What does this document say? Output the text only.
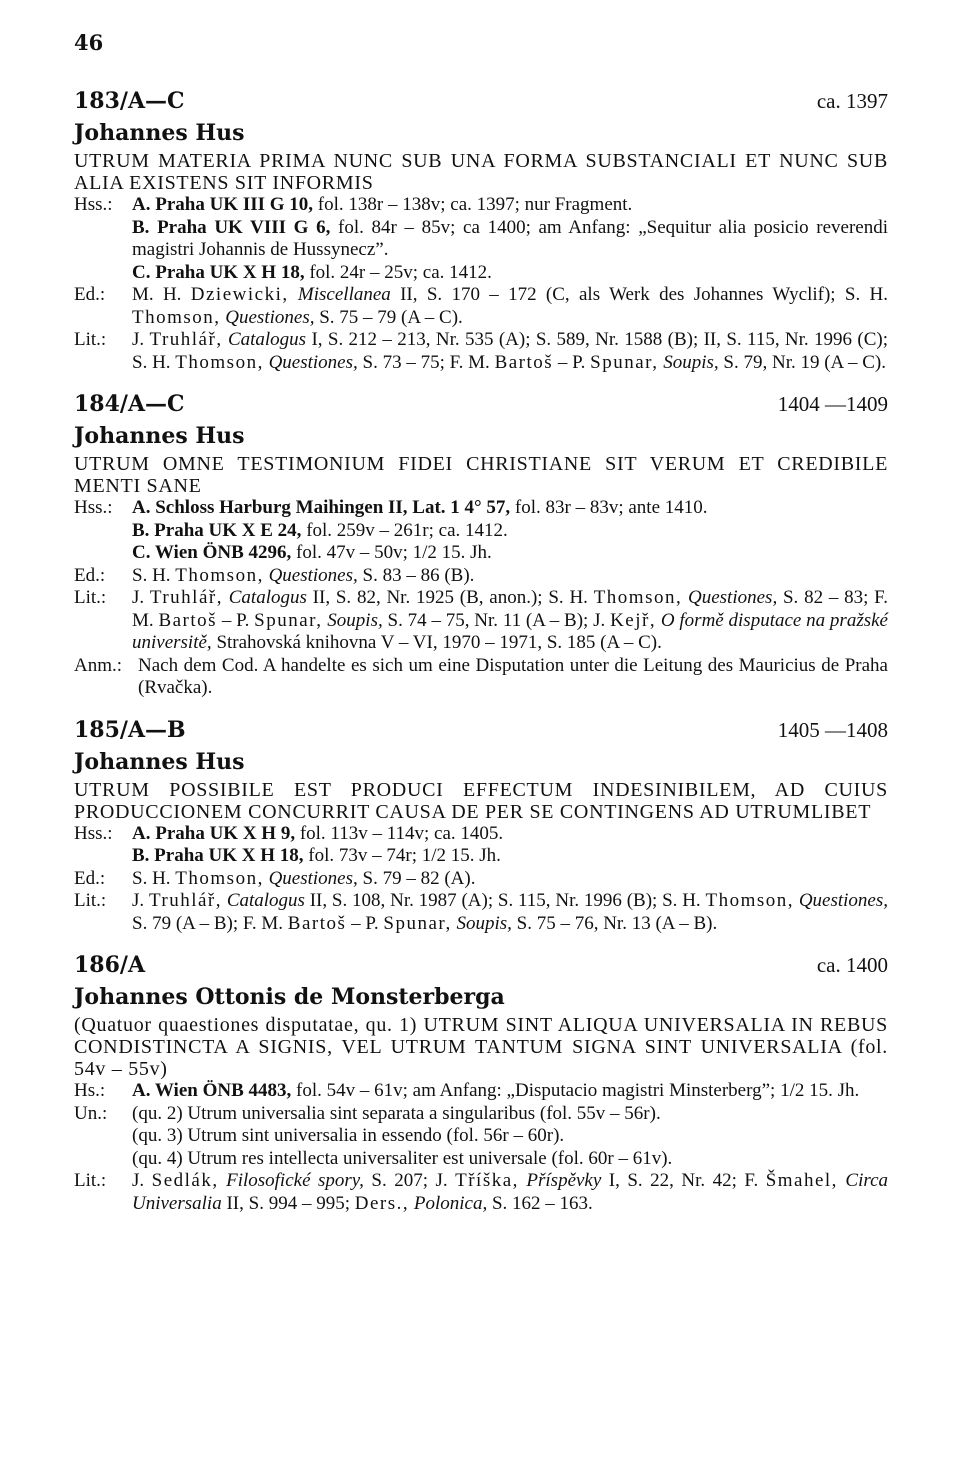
46
183/A—C	ca. 1397
Johannes Hus
UTRUM MATERIA PRIMA NUNC SUB UNA FORMA SUBSTANCIALI ET NUNC SUB ALIA EXISTENS SIT INFORMIS
Hss.:	A. Praha UK III G 10, fol. 138r – 138v; ca. 1397; nur Fragment.
B. Praha UK VIII G 6, fol. 84r – 85v; ca 1400; am Anfang: „Sequitur alia posicio reverendi magistri Johannis de Hussynecz”.
C. Praha UK X H 18, fol. 24r – 25v; ca. 1412.
Ed.:	M. H. Dziewicki, Miscellanea II, S. 170 – 172 (C, als Werk des Johannes Wyclif); S. H. Thomson, Questiones, S. 75 – 79 (A – C).
Lit.:	J. Truhlář, Catalogus I, S. 212 – 213, Nr. 535 (A); S. 589, Nr. 1588 (B); II, S. 115, Nr. 1996 (C); S. H. Thomson, Questiones, S. 73 – 75; F. M. Bartoš – P. Spunar, Soupis, S. 79, Nr. 19 (A – C).
184/A—C	1404 —1409
Johannes Hus
UTRUM OMNE TESTIMONIUM FIDEI CHRISTIANE SIT VERUM ET CREDIBILE MENTI SANE
Hss.:	A. Schloss Harburg Maihingen II, Lat. 1 4° 57, fol. 83r – 83v; ante 1410.
B. Praha UK X E 24, fol. 259v – 261r; ca. 1412.
C. Wien ÖNB 4296, fol. 47v – 50v; 1/2 15. Jh.
Ed.:	S. H. Thomson, Questiones, S. 83 – 86 (B).
Lit.:	J. Truhlář, Catalogus II, S. 82, Nr. 1925 (B, anon.); S. H. Thomson, Questiones, S. 82 – 83; F. M. Bartoš – P. Spunar, Soupis, S. 74 – 75, Nr. 11 (A – B); J. Kejř, O formě disputace na pražské universitě, Strahovská knihovna V – VI, 1970 – 1971, S. 185 (A – C).
Anm.: Nach dem Cod. A handelte es sich um eine Disputation unter die Leitung des Mauricius de Praha (Rvačka).
185/A—B	1405 —1408
Johannes Hus
UTRUM POSSIBILE EST PRODUCI EFFECTUM INDESINIBILEM, AD CUIUS PRODUCCIONEM CONCURRIT CAUSA DE PER SE CONTINGENS AD UTRUMLIBET
Hss.:	A. Praha UK X H 9, fol. 113v – 114v; ca. 1405.
B. Praha UK X H 18, fol. 73v – 74r; 1/2 15. Jh.
Ed.:	S. H. Thomson, Questiones, S. 79 – 82 (A).
Lit.:	J. Truhlář, Catalogus II, S. 108, Nr. 1987 (A); S. 115, Nr. 1996 (B); S. H. Thomson, Questiones, S. 79 (A – B); F. M. Bartoš – P. Spunar, Soupis, S. 75 – 76, Nr. 13 (A – B).
186/A	ca. 1400
Johannes Ottonis de Monsterberga
(Quatuor quaestiones disputatae, qu. 1) UTRUM SINT ALIQUA UNIVERSALIA IN REBUS CONDISTINCTA A SIGNIS, VEL UTRUM TANTUM SIGNA SINT UNIVERSALIA (fol. 54v – 55v)
Hs.:	A. Wien ÖNB 4483, fol. 54v – 61v; am Anfang: „Disputacio magistri Minsterberg”; 1/2 15. Jh.
Un.:	(qu. 2) Utrum universalia sint separata a singularibus (fol. 55v – 56r).
(qu. 3) Utrum sint universalia in essendo (fol. 56r – 60r).
(qu. 4) Utrum res intellecta universaliter est universale (fol. 60r – 61v).
Lit.:	J. Sedlák, Filosofické spory, S. 207; J. Tříška, Příspěvky I, S. 22, Nr. 42; F. Šmahel, Circa Universalia II, S. 994 – 995; Ders., Polonica, S. 162 – 163.
